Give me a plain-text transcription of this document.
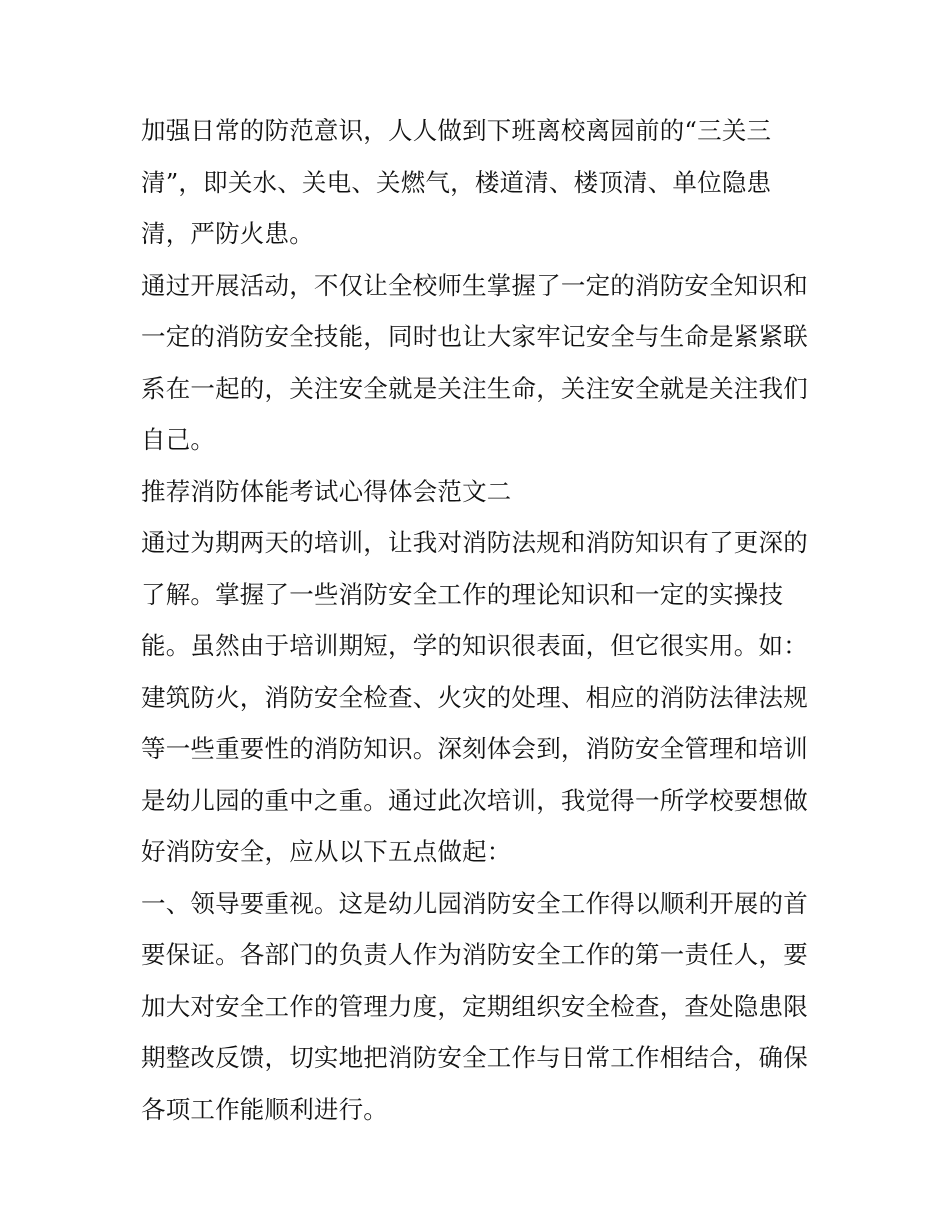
加强日常的防范意识，人人做到下班离校离园前的“三关三
清”，即关水、关电、关燃气，楼道清、楼顶清、单位隐患
清，严防火患。

通过开展活动，不仅让全校师生掌握了一定的消防安全知识和
一定的消防安全技能，同时也让大家牢记安全与生命是紧紧联
系在一起的，关注安全就是关注生命，关注安全就是关注我们
自己。

推荐消防体能考试心得体会范文二

通过为期两天的培训，让我对消防法规和消防知识有了更深的
了解。掌握了一些消防安全工作的理论知识和一定的实操技
能。虽然由于培训期短，学的知识很表面，但它很实用。如：
建筑防火，消防安全检查、火灾的处理、相应的消防法律法规
等一些重要性的消防知识。深刻体会到，消防安全管理和培训
是幼儿园的重中之重。通过此次培训，我觉得一所学校要想做
好消防安全，应从以下五点做起：

一、领导要重视。这是幼儿园消防安全工作得以顺利开展的首
要保证。各部门的负责人作为消防安全工作的第一责任人，要
加大对安全工作的管理力度，定期组织安全检查，查处隐患限
期整改反馈，切实地把消防安全工作与日常工作相结合，确保
各项工作能顺利进行。
